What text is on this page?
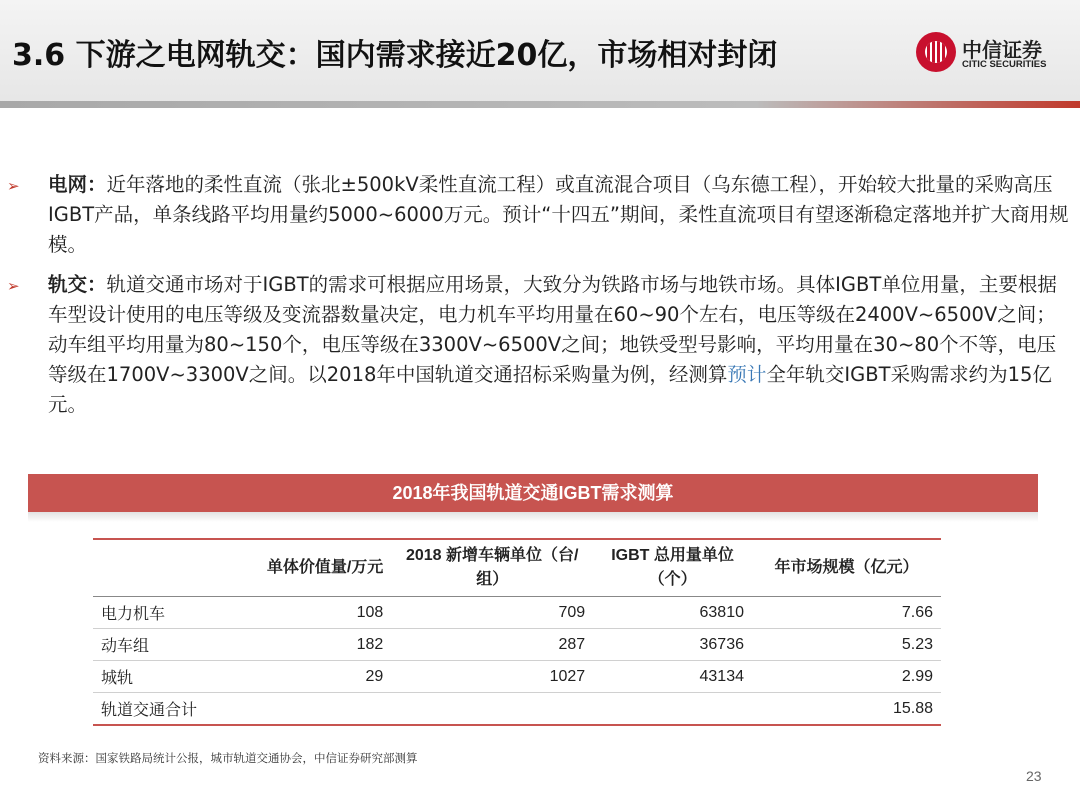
3.6 下游之电网轨交：国内需求接近20亿，市场相对封闭	中信证券
CITIC SECURITIES
➢ 电网：近年落地的柔性直流（张北±500kV柔性直流工程）或直流混合项目（乌东德工程），开始较大批量的采购高压IGBT产品，单条线路平均用量约5000~6000万元。预计“十四五”期间，柔性直流项目有望逐渐稳定落地并扩大商用规模。
➢ 轨交：轨道交通市场对于IGBT的需求可根据应用场景，大致分为铁路市场与地铁市场。具体IGBT单位用量，主要根据车型设计使用的电压等级及变流器数量决定，电力机车平均用量在60~90个左右，电压等级在2400V~6500V之间；动车组平均用量为80~150个，电压等级在3300V~6500V之间；地铁受型号影响，平均用量在30~80个不等，电压等级在1700V~3300V之间。以2018年中国轨道交通招标采购量为例，经测算预计全年轨交IGBT采购需求约为15亿元。
2018年我国轨道交通IGBT需求测算
	单体价值量/万元	2018 新增车辆单位（台/组）	IGBT 总用量单位（个）	年市场规模（亿元）
电力机车	108	709	63810	7.66
动车组	182	287	36736	5.23
城轨	29	1027	43134	2.99
轨道交通合计				15.88
资料来源：国家铁路局统计公报，城市轨道交通协会，中信证券研究部测算
23
